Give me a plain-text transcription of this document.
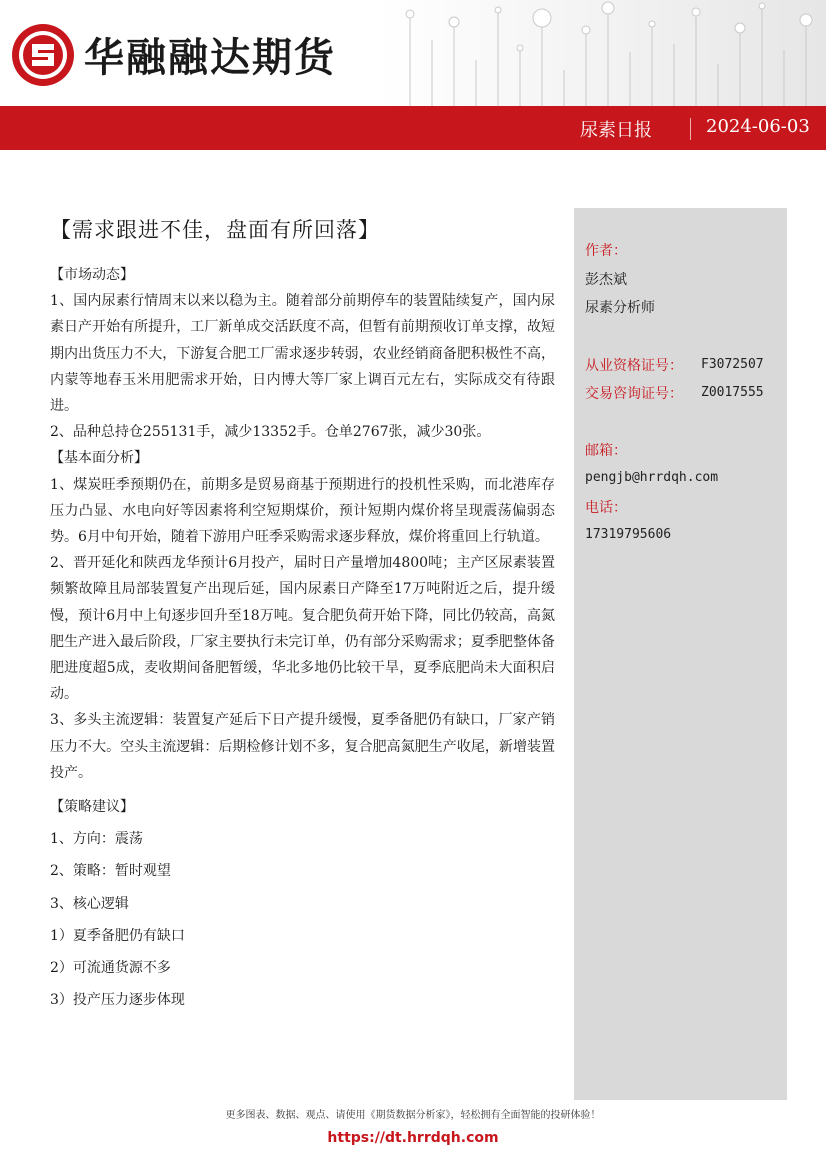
华融融达期货
尿素日报	2024-06-03
【需求跟进不佳，盘面有所回落】

【市场动态】

1、国内尿素行情周末以来以稳为主。随着部分前期停车的装置陆续复产，国内尿素日产开始有所提升，工厂新单成交活跃度不高，但暂有前期预收订单支撑，故短期内出货压力不大，下游复合肥工厂需求逐步转弱，农业经销商备肥积极性不高，内蒙等地春玉米用肥需求开始，日内博大等厂家上调百元左右，实际成交有待跟进。

2、品种总持仓255131手，减少13352手。仓单2767张，减少30张。

【基本面分析】

1、煤炭旺季预期仍在，前期多是贸易商基于预期进行的投机性采购，而北港库存压力凸显、水电向好等因素将利空短期煤价，预计短期内煤价将呈现震荡偏弱态势。6月中旬开始，随着下游用户旺季采购需求逐步释放，煤价将重回上行轨道。

2、晋开延化和陕西龙华预计6月投产，届时日产量增加4800吨；主产区尿素装置频繁故障且局部装置复产出现后延，国内尿素日产降至17万吨附近之后，提升缓慢，预计6月中上旬逐步回升至18万吨。复合肥负荷开始下降，同比仍较高，高氮肥生产进入最后阶段，厂家主要执行未完订单，仍有部分采购需求；夏季肥整体备肥进度超5成，麦收期间备肥暂缓，华北多地仍比较干旱，夏季底肥尚未大面积启动。

3、多头主流逻辑：装置复产延后下日产提升缓慢，夏季备肥仍有缺口，厂家产销压力不大。空头主流逻辑：后期检修计划不多，复合肥高氮肥生产收尾，新增装置投产。

【策略建议】

1、方向：震荡

2、策略：暂时观望

3、核心逻辑

1）夏季备肥仍有缺口

2）可流通货源不多

3）投产压力逐步体现

作者：
彭杰斌
尿素分析师
从业资格证号： F3072507
交易咨询证号： Z0017555
邮箱：
pengjb@hrrdqh.com
电话：
17319795606
更多图表、数据、观点、请使用《期货数据分析家》，轻松拥有全面智能的投研体验！
https://dt.hrrdqh.com
